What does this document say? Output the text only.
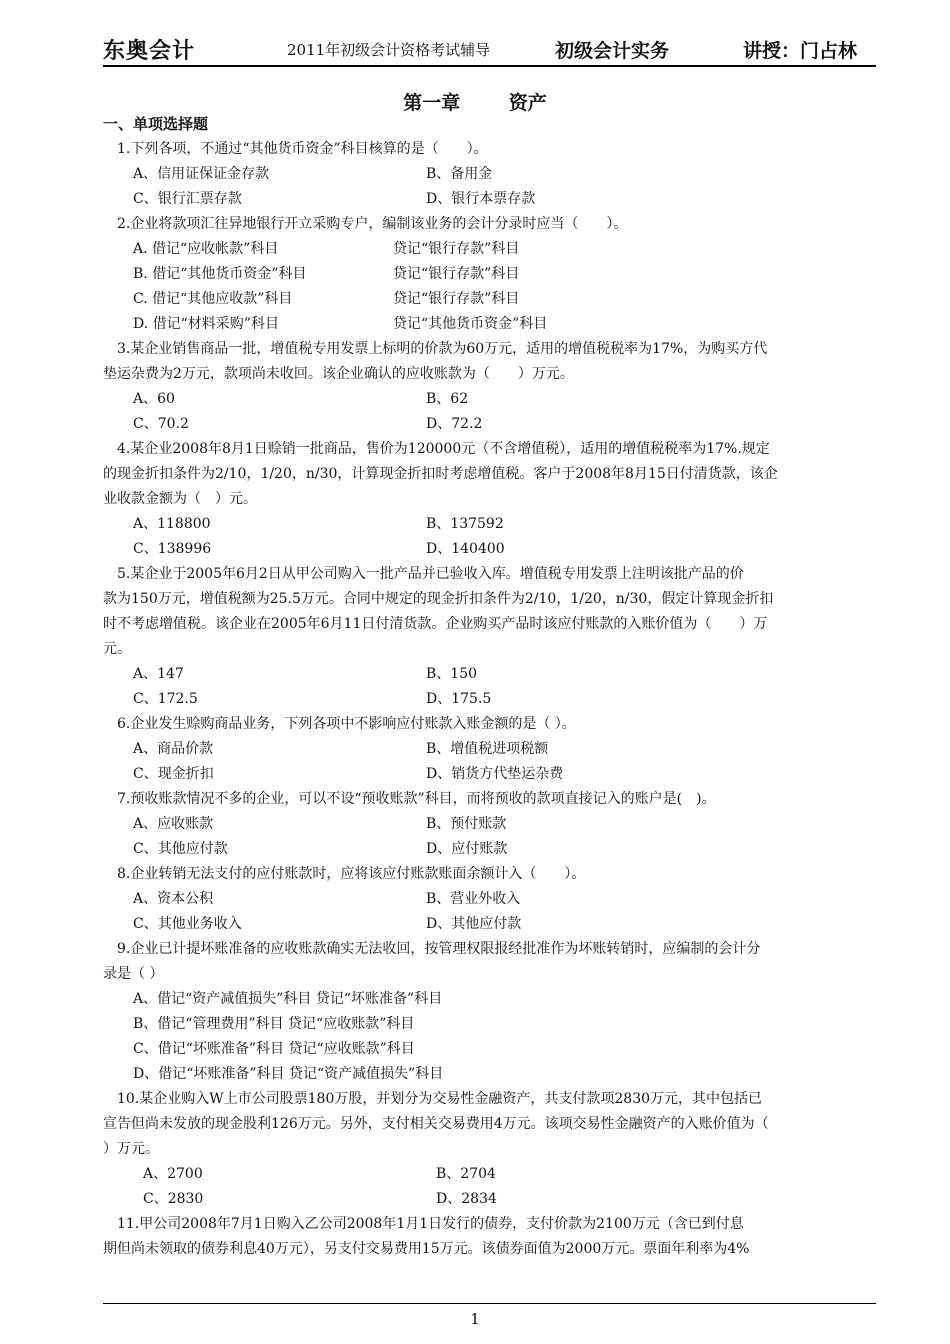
东奥会计	2011年初级会计资格考试辅导	初级会计实务	讲授：门占林
第一章 资产
一、单项选择题
1.下列各项，不通过“其他货币资金”科目核算的是（　　）。
A、信用证保证金存款	B、备用金
C、银行汇票存款	D、银行本票存款
2.企业将款项汇往异地银行开立采购专户，编制该业务的会计分录时应当（　　）。
A. 借记“应收帐款”科目	贷记“银行存款”科目
B. 借记“其他货币资金”科目	贷记“银行存款”科目
C. 借记“其他应收款”科目	贷记“银行存款”科目
D. 借记“材料采购”科目	贷记“其他货币资金”科目
3.某企业销售商品一批，增值税专用发票上标明的价款为60万元，适用的增值税税率为17%，为购买方代
垫运杂费为2万元，款项尚未收回。该企业确认的应收账款为（　　）万元。
A、60	B、62
C、70.2	D、72.2
4.某企业2008年8月1日赊销一批商品，售价为120000元（不含增值税），适用的增值税税率为17%.规定
的现金折扣条件为2/10，1/20，n/30，计算现金折扣时考虑增值税。客户于2008年8月15日付清货款，该企
业收款金额为（　）元。
A、118800	B、137592
C、138996	D、140400
5.某企业于2005年6月2日从甲公司购入一批产品并已验收入库。增值税专用发票上注明该批产品的价
款为150万元，增值税额为25.5万元。合同中规定的现金折扣条件为2/10，1/20，n/30，假定计算现金折扣
时不考虑增值税。该企业在2005年6月11日付清货款。企业购买产品时该应付账款的入账价值为（　　）万
元。
A、147	B、150
C、172.5	D、175.5
6.企业发生赊购商品业务，下列各项中不影响应付账款入账金额的是（ ）。
A、商品价款	B、增值税进项税额
C、现金折扣	D、销货方代垫运杂费
7.预收账款情况不多的企业，可以不设“预收账款”科目，而将预收的款项直接记入的账户是(　)。
A、应收账款	B、预付账款
C、其他应付款	D、应付账款
8.企业转销无法支付的应付账款时，应将该应付账款账面余额计入（　　）。
A、资本公积	B、营业外收入
C、其他业务收入	D、其他应付款
9.企业已计提坏账准备的应收账款确实无法收回，按管理权限报经批准作为坏账转销时，应编制的会计分
录是（ ）
A、借记“资产减值损失”科目 贷记“坏账准备”科目
B、借记“管理费用”科目 贷记“应收账款”科目
C、借记“坏账准备”科目 贷记“应收账款”科目
D、借记“坏账准备”科目 贷记“资产减值损失”科目
10.某企业购入W上市公司股票180万股，并划分为交易性金融资产，共支付款项2830万元，其中包括已
宣告但尚未发放的现金股利126万元。另外，支付相关交易费用4万元。该项交易性金融资产的入账价值为（
）万元。
A、2700	B、2704
C、2830	D、2834
11.甲公司2008年7月1日购入乙公司2008年1月1日发行的债券，支付价款为2100万元（含已到付息
期但尚未领取的债券利息40万元），另支付交易费用15万元。该债券面值为2000万元。票面年利率为4%
1
